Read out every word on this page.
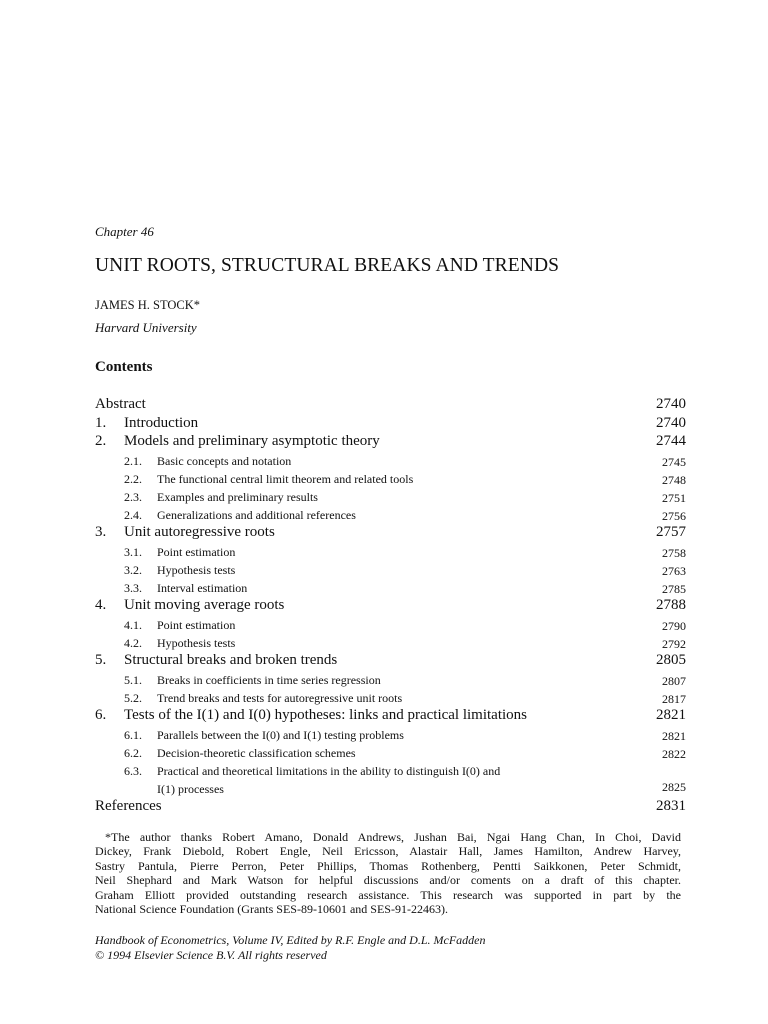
Chapter 46
UNIT ROOTS, STRUCTURAL BREAKS AND TRENDS
JAMES H. STOCK*
Harvard University
Contents
Abstract	2740
1. Introduction	2740
2. Models and preliminary asymptotic theory	2744
2.1. Basic concepts and notation	2745
2.2. The functional central limit theorem and related tools	2748
2.3. Examples and preliminary results	2751
2.4. Generalizations and additional references	2756
3. Unit autoregressive roots	2757
3.1. Point estimation	2758
3.2. Hypothesis tests	2763
3.3. Interval estimation	2785
4. Unit moving average roots	2788
4.1. Point estimation	2790
4.2. Hypothesis tests	2792
5. Structural breaks and broken trends	2805
5.1. Breaks in coefficients in time series regression	2807
5.2. Trend breaks and tests for autoregressive unit roots	2817
6. Tests of the I(1) and I(0) hypotheses: links and practical limitations	2821
6.1. Parallels between the I(0) and I(1) testing problems	2821
6.2. Decision-theoretic classification schemes	2822
6.3. Practical and theoretical limitations in the ability to distinguish I(0) and
I(1) processes	2825
References	2831
*The author thanks Robert Amano, Donald Andrews, Jushan Bai, Ngai Hang Chan, In Choi, David
Dickey, Frank Diebold, Robert Engle, Neil Ericsson, Alastair Hall, James Hamilton, Andrew Harvey,
Sastry Pantula, Pierre Perron, Peter Phillips, Thomas Rothenberg, Pentti Saikkonen, Peter Schmidt,
Neil Shephard and Mark Watson for helpful discussions and/or coments on a draft of this chapter.
Graham Elliott provided outstanding research assistance. This research was supported in part by the
National Science Foundation (Grants SES-89-10601 and SES-91-22463).
Handbook of Econometrics, Volume IV, Edited by R.F. Engle and D.L. McFadden
© 1994 Elsevier Science B.V. All rights reserved
